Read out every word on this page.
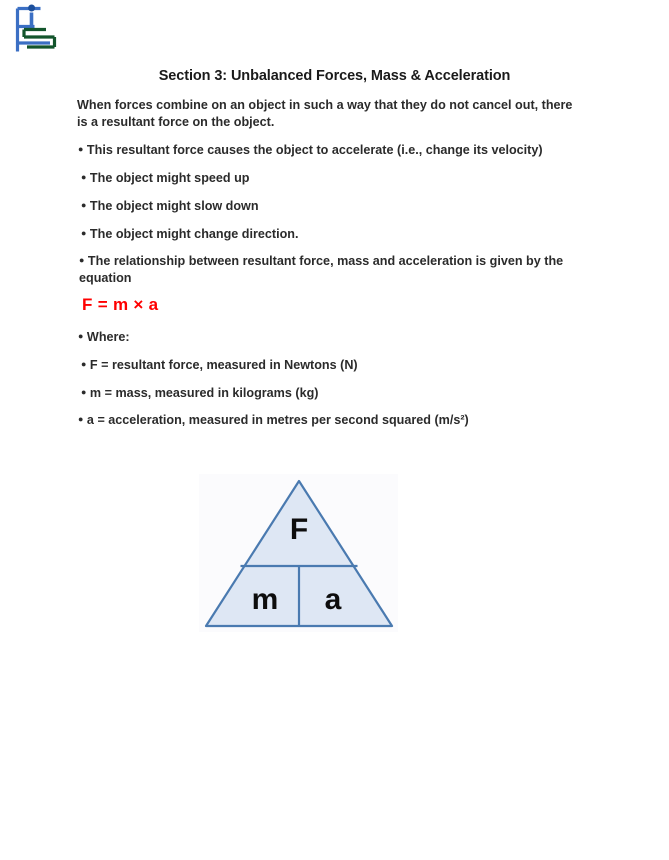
Section 3: Unbalanced Forces, Mass & Acceleration
When forces combine on an object in such a way that they do not cancel out, there is a resultant force on the object.
● This resultant force causes the object to accelerate (i.e., change its velocity)
● The object might speed up
● The object might slow down
● The object might change direction.
● The relationship between resultant force, mass and acceleration is given by the equation
● Where:
● F = resultant force, measured in Newtons (N)
● m = mass, measured in kilograms (kg)
● a = acceleration, measured in metres per second squared (m/s²)
F = m × a
F
m a
